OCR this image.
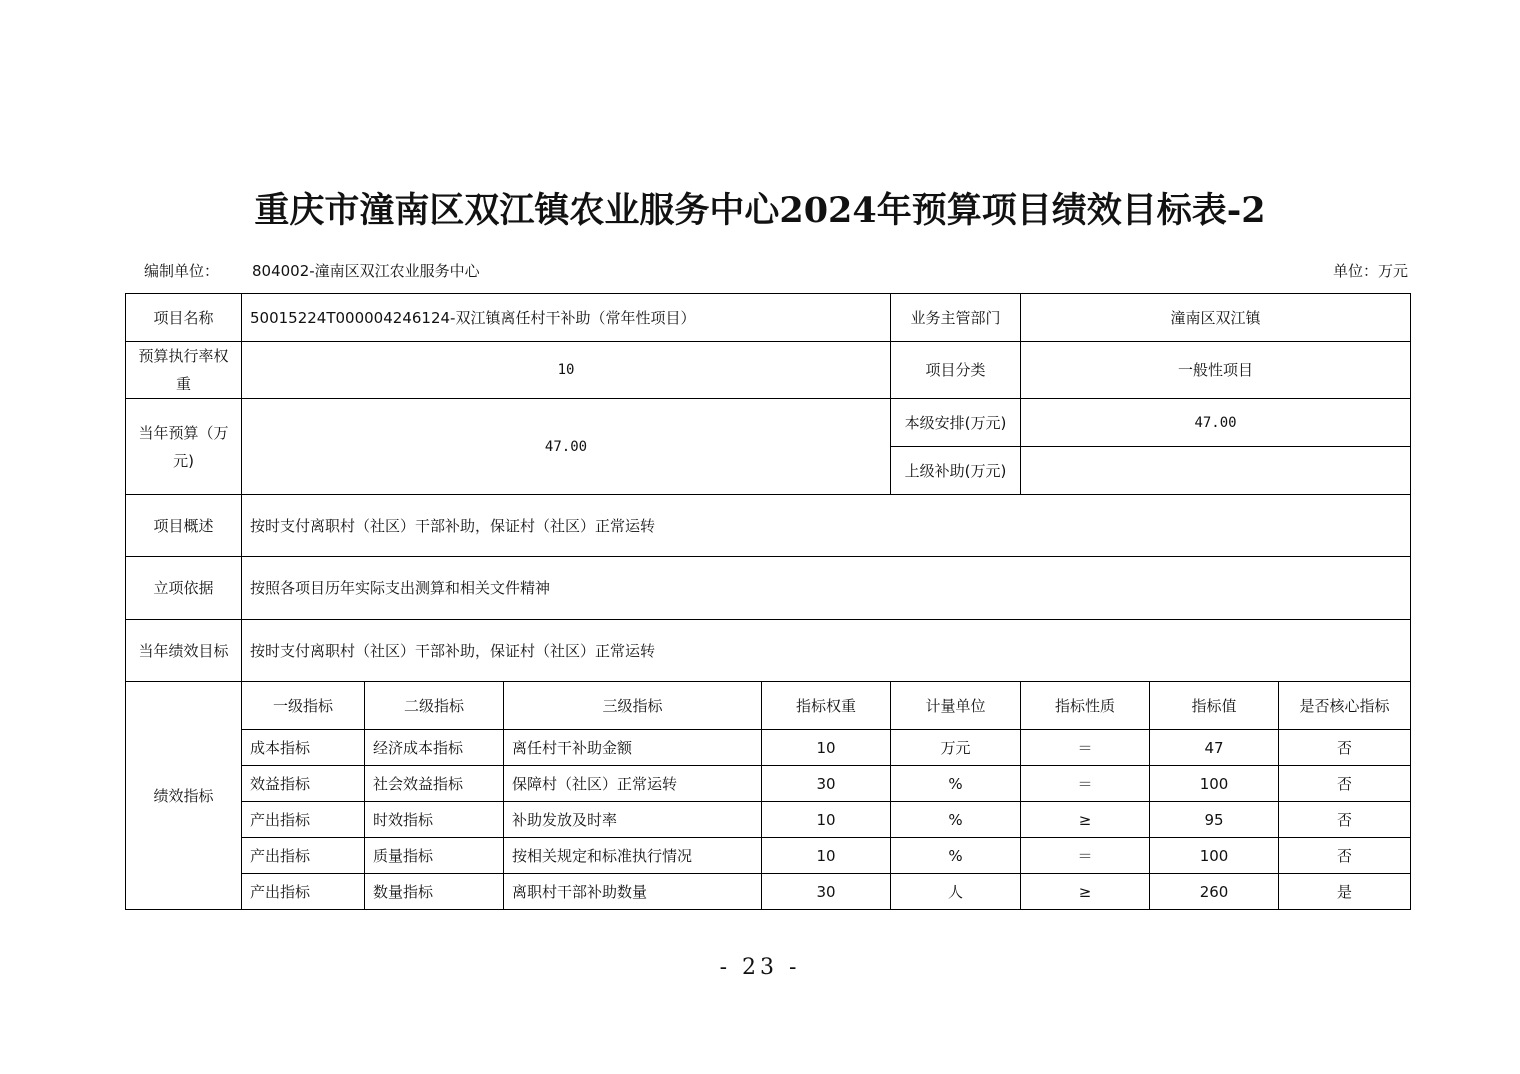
重庆市潼南区双江镇农业服务中心2024年预算项目绩效目标表-2
编制单位： 804002-潼南区双江农业服务中心	单位：万元
项目名称	50015224T000004246124-双江镇离任村干补助（常年性项目）				业务主管部门	潼南区双江镇		
预算执行率权重	10				项目分类	一般性项目		
当年预算（万元)	47.00				本级安排(万元)	47.00		
					上级补助(万元)			
项目概述	按时支付离职村（社区）干部补助，保证村（社区）正常运转							
立项依据	按照各项目历年实际支出测算和相关文件精神							
当年绩效目标	按时支付离职村（社区）干部补助，保证村（社区）正常运转							
绩效指标	一级指标	二级指标	三级指标	指标权重	计量单位	指标性质	指标值	是否核心指标
	成本指标	经济成本指标	离任村干补助金额	10	万元	＝	47	否
	效益指标	社会效益指标	保障村（社区）正常运转	30	%	＝	100	否
	产出指标	时效指标	补助发放及时率	10	%	≥	95	否
	产出指标	质量指标	按相关规定和标准执行情况	10	%	＝	100	否
	产出指标	数量指标	离职村干部补助数量	30	人	≥	260	是
- 23 -
